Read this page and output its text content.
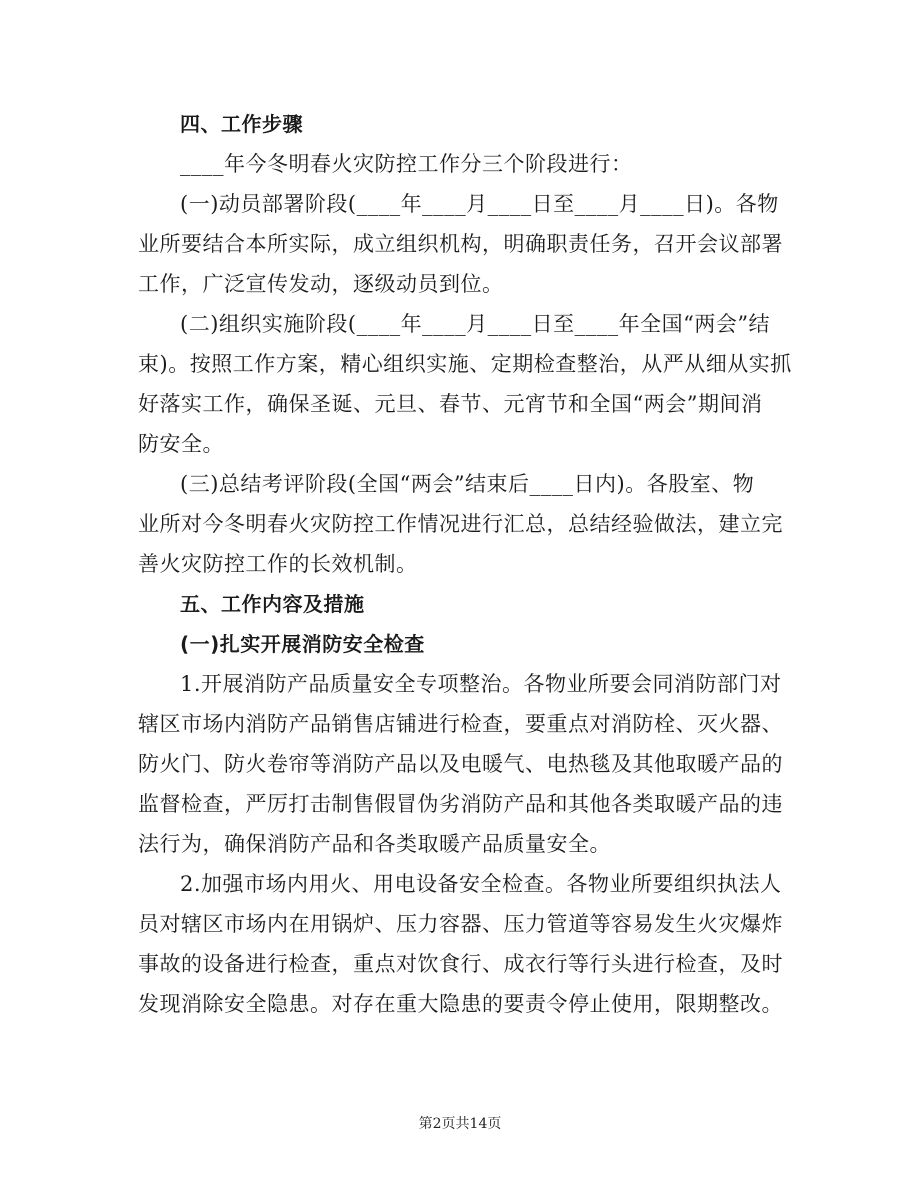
四、工作步骤
____年今冬明春火灾防控工作分三个阶段进行：
(一)动员部署阶段(____年____月____日至____月____日)。各物
业所要结合本所实际，成立组织机构，明确职责任务，召开会议部署
工作，广泛宣传发动，逐级动员到位。
(二)组织实施阶段(____年____月____日至____年全国“两会”结
束)。按照工作方案，精心组织实施、定期检查整治，从严从细从实抓
好落实工作，确保圣诞、元旦、春节、元宵节和全国“两会”期间消
防安全。
(三)总结考评阶段(全国“两会”结束后____日内)。各股室、物
业所对今冬明春火灾防控工作情况进行汇总，总结经验做法，建立完
善火灾防控工作的长效机制。
五、工作内容及措施
(一)扎实开展消防安全检查
1.开展消防产品质量安全专项整治。各物业所要会同消防部门对
辖区市场内消防产品销售店铺进行检查，要重点对消防栓、灭火器、
防火门、防火卷帘等消防产品以及电暖气、电热毯及其他取暖产品的
监督检查，严厉打击制售假冒伪劣消防产品和其他各类取暖产品的违
法行为，确保消防产品和各类取暖产品质量安全。
2.加强市场内用火、用电设备安全检查。各物业所要组织执法人
员对辖区市场内在用锅炉、压力容器、压力管道等容易发生火灾爆炸
事故的设备进行检查，重点对饮食行、成衣行等行头进行检查，及时
发现消除安全隐患。对存在重大隐患的要责令停止使用，限期整改。
第2页共14页
